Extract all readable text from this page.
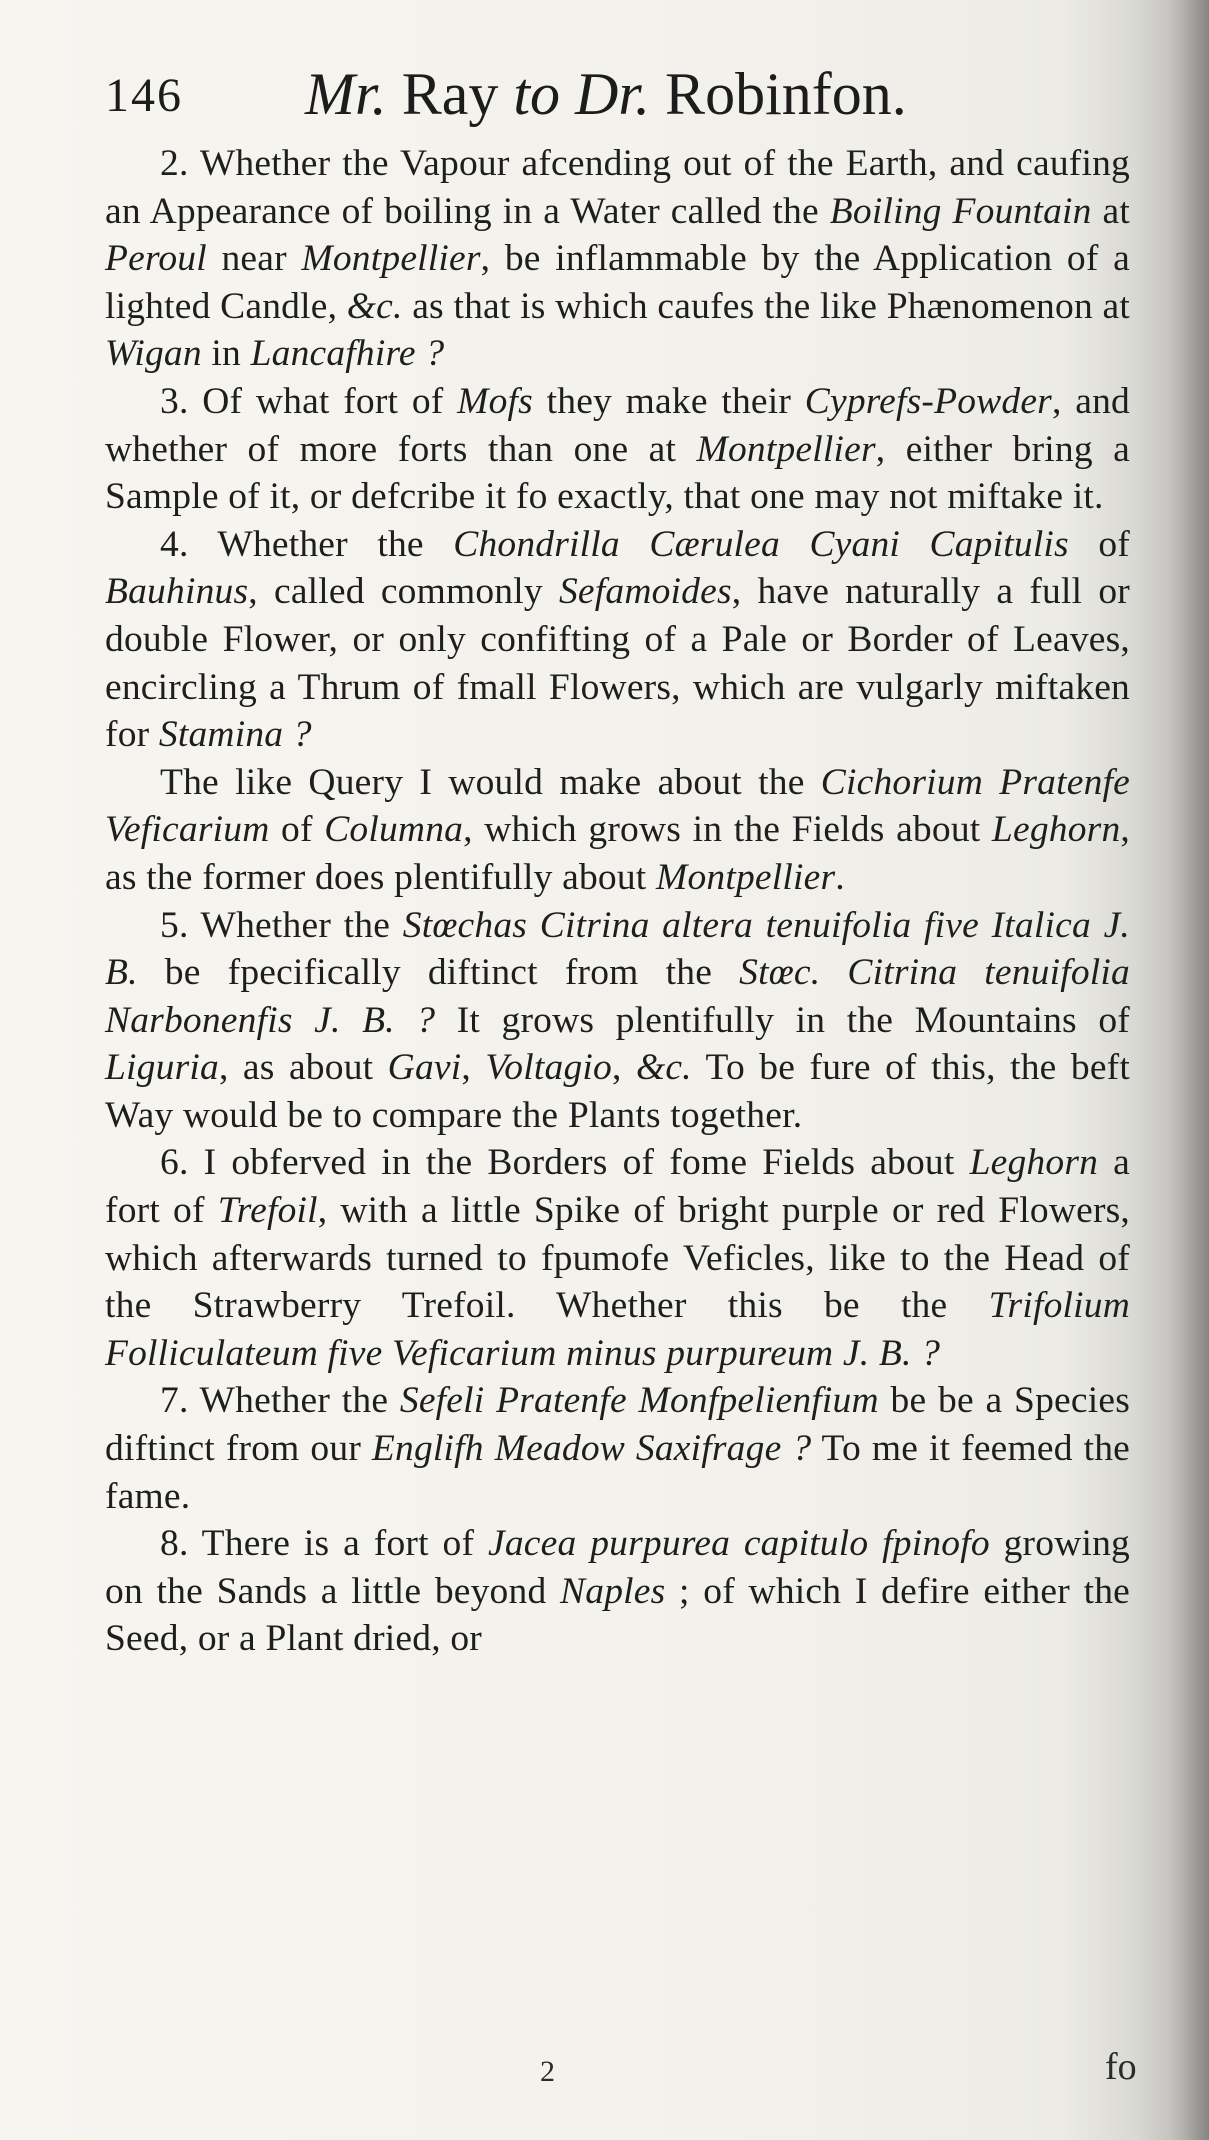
146 Mr. Ray to Dr. Robinfon.

2. Whether the Vapour afcending out of the Earth, and caufing an Appearance of boiling in a Water called the Boiling Fountain at Peroul near Montpellier, be inflammable by the Application of a lighted Candle, &c. as that is which caufes the like Phænomenon at Wigan in Lancafhire ?

3. Of what fort of Mofs they make their Cyprefs-Powder, and whether of more forts than one at Montpellier, either bring a Sample of it, or defcribe it fo exactly, that one may not miftake it.

4. Whether the Chondrilla Cærulea Cyani Capitulis of Bauhinus, called commonly Sefamoides, have naturally a full or double Flower, or only confifting of a Pale or Border of Leaves, encircling a Thrum of fmall Flowers, which are vulgarly miftaken for Stamina ?

The like Query I would make about the Cichorium Pratenfe Veficarium of Columna, which grows in the Fields about Leghorn, as the former does plentifully about Montpellier.

5. Whether the Stœchas Citrina altera tenuifolia five Italica J. B. be fpecifically diftinct from the Stœc. Citrina tenuifolia Narbonenfis J. B. ? It grows plentifully in the Mountains of Liguria, as about Gavi, Voltagio, &c. To be fure of this, the beft Way would be to compare the Plants together.

6. I obferved in the Borders of fome Fields about Leghorn a fort of Trefoil, with a little Spike of bright purple or red Flowers, which afterwards turned to fpumofe Veficles, like to the Head of the Strawberry Trefoil. Whether this be the Trifolium Folliculateum five Veficarium minus purpureum J. B. ?

7. Whether the Sefeli Pratenfe Monfpelienfium be be a Species diftinct from our Englifh Meadow Saxifrage ? To me it feemed the fame.

8. There is a fort of Jacea purpurea capitulo fpinofo growing on the Sands a little beyond Naples ; of which I defire either the Seed, or a Plant dried, or

2	fo
